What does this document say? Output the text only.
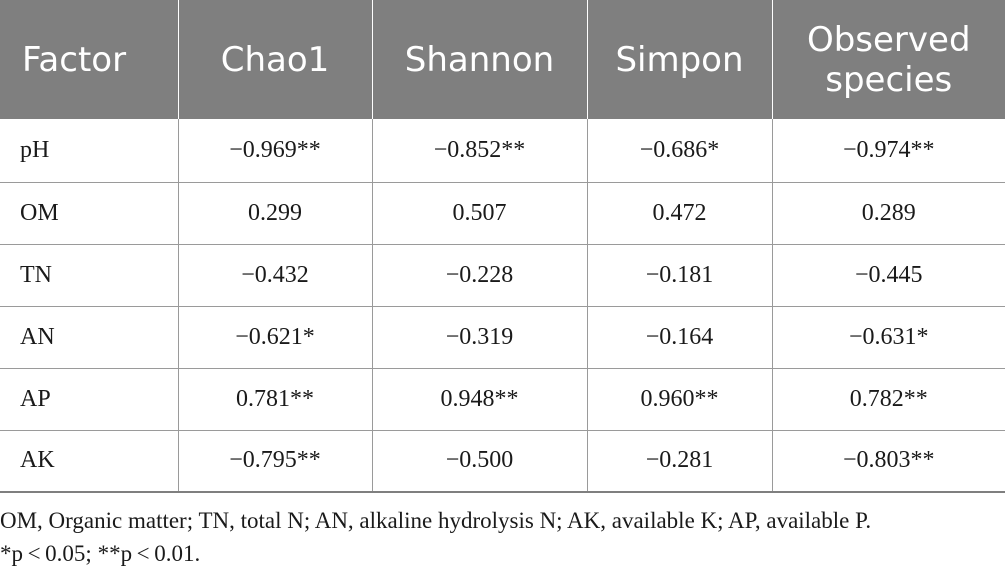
Factor	Chao1	Shannon	Simpon	Observed species
pH	−0.969**	−0.852**	−0.686*	−0.974**
OM	0.299	0.507	0.472	0.289
TN	−0.432	−0.228	−0.181	−0.445
AN	−0.621*	−0.319	−0.164	−0.631*
AP	0.781**	0.948**	0.960**	0.782**
AK	−0.795**	−0.500	−0.281	−0.803**

OM, Organic matter; TN, total N; AN, alkaline hydrolysis N; AK, available K; AP, available P.

*p < 0.05; **p < 0.01.
